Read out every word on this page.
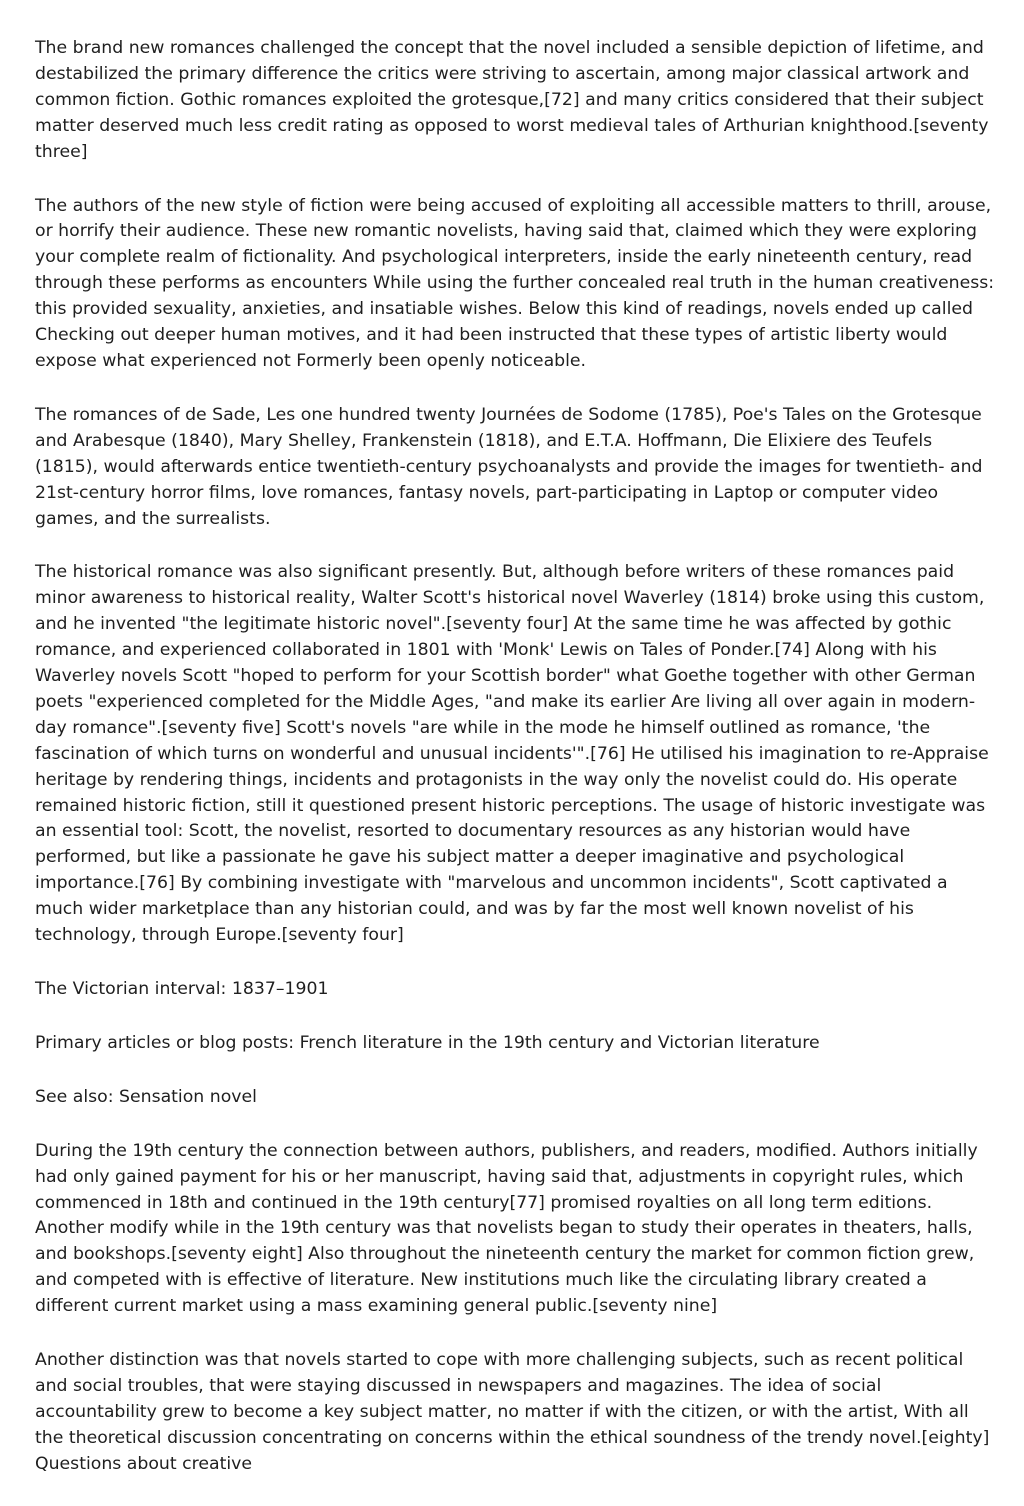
The brand new romances challenged the concept that the novel included a sensible depiction of lifetime, and destabilized the primary difference the critics were striving to ascertain, among major classical artwork and common fiction. Gothic romances exploited the grotesque,[72] and many critics considered that their subject matter deserved much less credit rating as opposed to worst medieval tales of Arthurian knighthood.[seventy three]

The authors of the new style of fiction were being accused of exploiting all accessible matters to thrill, arouse, or horrify their audience. These new romantic novelists, having said that, claimed which they were exploring your complete realm of fictionality. And psychological interpreters, inside the early nineteenth century, read through these performs as encounters While using the further concealed real truth in the human creativeness: this provided sexuality, anxieties, and insatiable wishes. Below this kind of readings, novels ended up called Checking out deeper human motives, and it had been instructed that these types of artistic liberty would expose what experienced not Formerly been openly noticeable.

The romances of de Sade, Les one hundred twenty Journées de Sodome (1785), Poe's Tales on the Grotesque and Arabesque (1840), Mary Shelley, Frankenstein (1818), and E.T.A. Hoffmann, Die Elixiere des Teufels (1815), would afterwards entice twentieth-century psychoanalysts and provide the images for twentieth- and 21st-century horror films, love romances, fantasy novels, part-participating in Laptop or computer video games, and the surrealists.

The historical romance was also significant presently. But, although before writers of these romances paid minor awareness to historical reality, Walter Scott's historical novel Waverley (1814) broke using this custom, and he invented "the legitimate historic novel".[seventy four] At the same time he was affected by gothic romance, and experienced collaborated in 1801 with 'Monk' Lewis on Tales of Ponder.[74] Along with his Waverley novels Scott "hoped to perform for your Scottish border" what Goethe together with other German poets "experienced completed for the Middle Ages, "and make its earlier Are living all over again in modern-day romance".[seventy five] Scott's novels "are while in the mode he himself outlined as romance, 'the fascination of which turns on wonderful and unusual incidents'".[76] He utilised his imagination to re-Appraise heritage by rendering things, incidents and protagonists in the way only the novelist could do. His operate remained historic fiction, still it questioned present historic perceptions. The usage of historic investigate was an essential tool: Scott, the novelist, resorted to documentary resources as any historian would have performed, but like a passionate he gave his subject matter a deeper imaginative and psychological importance.[76] By combining investigate with "marvelous and uncommon incidents", Scott captivated a much wider marketplace than any historian could, and was by far the most well known novelist of his technology, through Europe.[seventy four]

The Victorian interval: 1837–1901

Primary articles or blog posts: French literature in the 19th century and Victorian literature

See also: Sensation novel

During the 19th century the connection between authors, publishers, and readers, modified. Authors initially had only gained payment for his or her manuscript, having said that, adjustments in copyright rules, which commenced in 18th and continued in the 19th century[77] promised royalties on all long term editions. Another modify while in the 19th century was that novelists began to study their operates in theaters, halls, and bookshops.[seventy eight] Also throughout the nineteenth century the market for common fiction grew, and competed with is effective of literature. New institutions much like the circulating library created a different current market using a mass examining general public.[seventy nine]

Another distinction was that novels started to cope with more challenging subjects, such as recent political and social troubles, that were staying discussed in newspapers and magazines. The idea of social accountability grew to become a key subject matter, no matter if with the citizen, or with the artist, With all the theoretical discussion concentrating on concerns within the ethical soundness of the trendy novel.[eighty] Questions about creative
